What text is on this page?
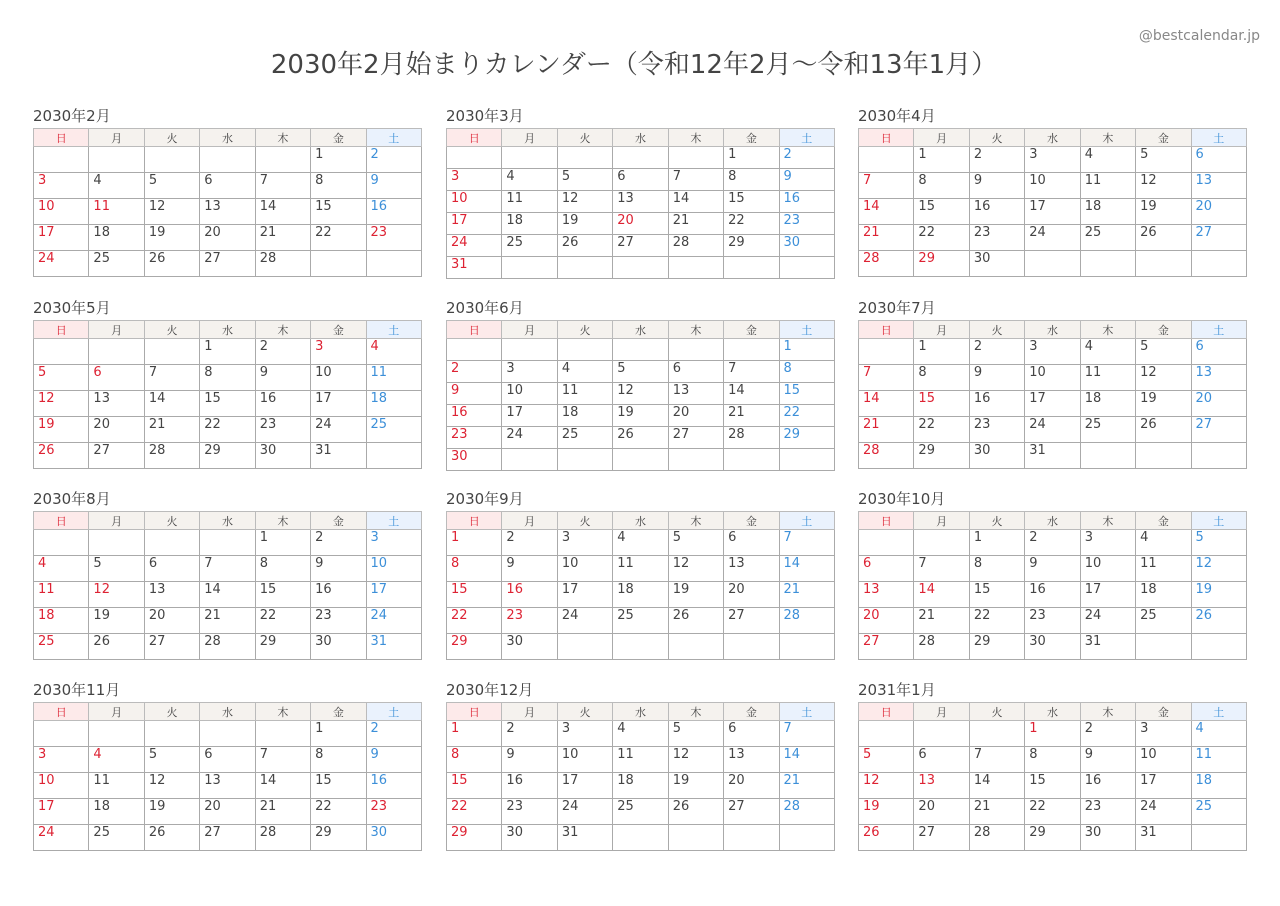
2030年2月始まりカレンダー（令和12年2月〜令和13年1月）
@bestcalendar.jp
2030年2月
日	月	火	水	木	金	土
					1	2
3	4	5	6	7	8	9
10	11	12	13	14	15	16
17	18	19	20	21	22	23
24	25	26	27	28		
2030年3月
日	月	火	水	木	金	土
					1	2
3	4	5	6	7	8	9
10	11	12	13	14	15	16
17	18	19	20	21	22	23
24	25	26	27	28	29	30
31						
2030年4月
日	月	火	水	木	金	土
	1	2	3	4	5	6
7	8	9	10	11	12	13
14	15	16	17	18	19	20
21	22	23	24	25	26	27
28	29	30				
2030年5月
日	月	火	水	木	金	土
			1	2	3	4
5	6	7	8	9	10	11
12	13	14	15	16	17	18
19	20	21	22	23	24	25
26	27	28	29	30	31	
2030年6月
日	月	火	水	木	金	土
						1
2	3	4	5	6	7	8
9	10	11	12	13	14	15
16	17	18	19	20	21	22
23	24	25	26	27	28	29
30						
2030年7月
日	月	火	水	木	金	土
	1	2	3	4	5	6
7	8	9	10	11	12	13
14	15	16	17	18	19	20
21	22	23	24	25	26	27
28	29	30	31			
2030年8月
日	月	火	水	木	金	土
				1	2	3
4	5	6	7	8	9	10
11	12	13	14	15	16	17
18	19	20	21	22	23	24
25	26	27	28	29	30	31
2030年9月
日	月	火	水	木	金	土
1	2	3	4	5	6	7
8	9	10	11	12	13	14
15	16	17	18	19	20	21
22	23	24	25	26	27	28
29	30					
2030年10月
日	月	火	水	木	金	土
		1	2	3	4	5
6	7	8	9	10	11	12
13	14	15	16	17	18	19
20	21	22	23	24	25	26
27	28	29	30	31		
2030年11月
日	月	火	水	木	金	土
					1	2
3	4	5	6	7	8	9
10	11	12	13	14	15	16
17	18	19	20	21	22	23
24	25	26	27	28	29	30
2030年12月
日	月	火	水	木	金	土
1	2	3	4	5	6	7
8	9	10	11	12	13	14
15	16	17	18	19	20	21
22	23	24	25	26	27	28
29	30	31				
2031年1月
日	月	火	水	木	金	土
			1	2	3	4
5	6	7	8	9	10	11
12	13	14	15	16	17	18
19	20	21	22	23	24	25
26	27	28	29	30	31	
